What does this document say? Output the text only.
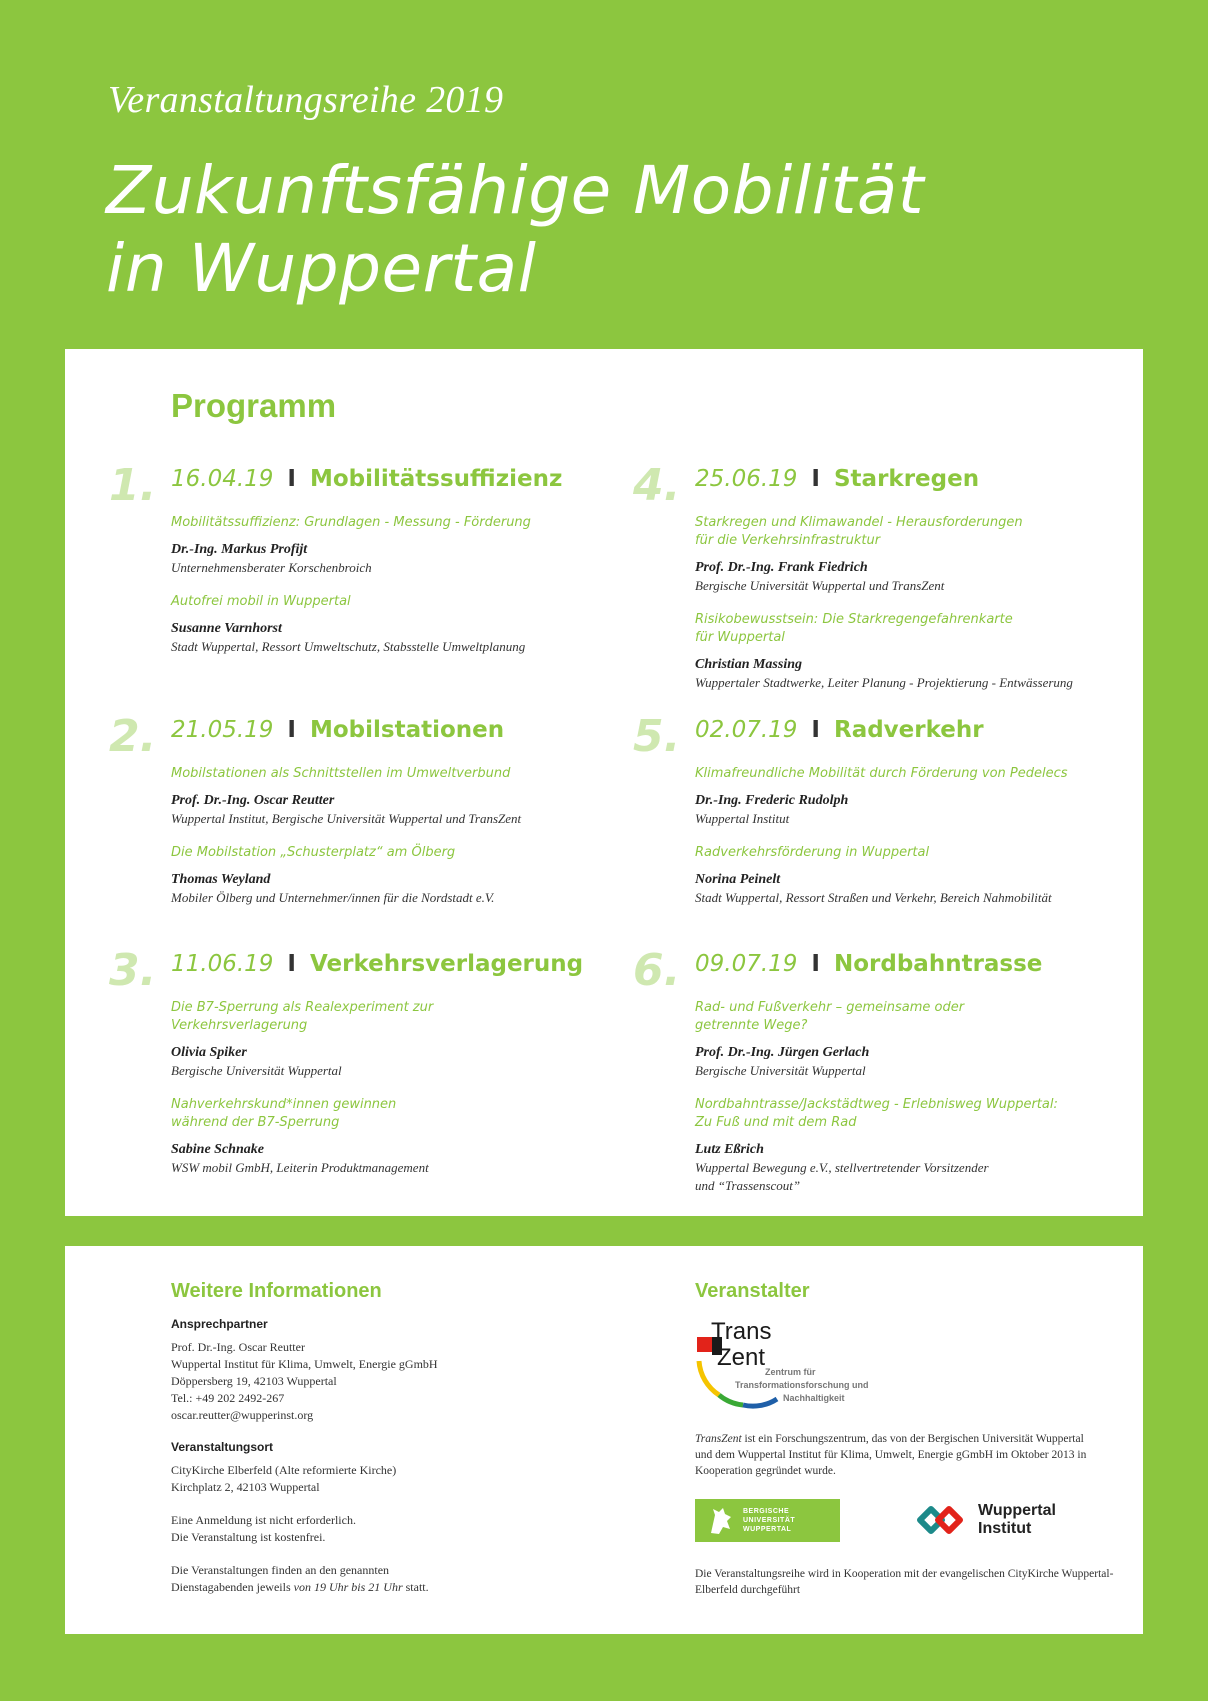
Veranstaltungsreihe 2019
Zukunftsfähige Mobilität
in Wuppertal
Programm
1. 16.04.19 I Mobilitätssuffizienz
Mobilitätssuffizienz: Grundlagen - Messung - Förderung
Dr.-Ing. Markus Profijt
Unternehmensberater Korschenbroich
Autofrei mobil in Wuppertal
Susanne Varnhorst
Stadt Wuppertal, Ressort Umweltschutz, Stabsstelle Umweltplanung
2. 21.05.19 I Mobilstationen
Mobilstationen als Schnittstellen im Umweltverbund
Prof. Dr.-Ing. Oscar Reutter
Wuppertal Institut, Bergische Universität Wuppertal und TransZent
Die Mobilstation „Schusterplatz“ am Ölberg
Thomas Weyland
Mobiler Ölberg und Unternehmer/innen für die Nordstadt e.V.
3. 11.06.19 I Verkehrsverlagerung
Die B7-Sperrung als Realexperiment zur
Verkehrsverlagerung
Olivia Spiker
Bergische Universität Wuppertal
Nahverkehrskund*innen gewinnen
während der B7-Sperrung
Sabine Schnake
WSW mobil GmbH, Leiterin Produktmanagement
4. 25.06.19 I Starkregen
Starkregen und Klimawandel - Herausforderungen
für die Verkehrsinfrastruktur
Prof. Dr.-Ing. Frank Fiedrich
Bergische Universität Wuppertal und TransZent
Risikobewusstsein: Die Starkregengefahrenkarte
für Wuppertal
Christian Massing
Wuppertaler Stadtwerke, Leiter Planung - Projektierung - Entwässerung
5. 02.07.19 I Radverkehr
Klimafreundliche Mobilität durch Förderung von Pedelecs
Dr.-Ing. Frederic Rudolph
Wuppertal Institut
Radverkehrsförderung in Wuppertal
Norina Peinelt
Stadt Wuppertal, Ressort Straßen und Verkehr, Bereich Nahmobilität
6. 09.07.19 I Nordbahntrasse
Rad- und Fußverkehr – gemeinsame oder
getrennte Wege?
Prof. Dr.-Ing. Jürgen Gerlach
Bergische Universität Wuppertal
Nordbahntrasse/Jackstädtweg - Erlebnisweg Wuppertal:
Zu Fuß und mit dem Rad
Lutz Eßrich
Wuppertal Bewegung e.V., stellvertretender Vorsitzender
und “Trassenscout”
Weitere Informationen
Ansprechpartner
Prof. Dr.-Ing. Oscar Reutter
Wuppertal Institut für Klima, Umwelt, Energie gGmbH
Döppersberg 19, 42103 Wuppertal
Tel.: +49 202 2492-267
oscar.reutter@wupperinst.org
Veranstaltungsort
CityKirche Elberfeld (Alte reformierte Kirche)
Kirchplatz 2, 42103 Wuppertal
Eine Anmeldung ist nicht erforderlich.
Die Veranstaltung ist kostenfrei.
Die Veranstaltungen finden an den genannten
Dienstagabenden jeweils von 19 Uhr bis 21 Uhr statt.
Veranstalter
Trans
Zent
Zentrum für
Transformationsforschung und
Nachhaltigkeit
TransZent ist ein Forschungszentrum, das von der Bergischen Universität Wuppertal und dem Wuppertal Institut für Klima, Umwelt, Energie gGmbH im Oktober 2013 in Kooperation gegründet wurde.
BERGISCHE
UNIVERSITÄT
WUPPERTAL
Wuppertal
Institut
Die Veranstaltungsreihe wird in Kooperation mit der evangelischen CityKirche Wuppertal-Elberfeld durchgeführt
